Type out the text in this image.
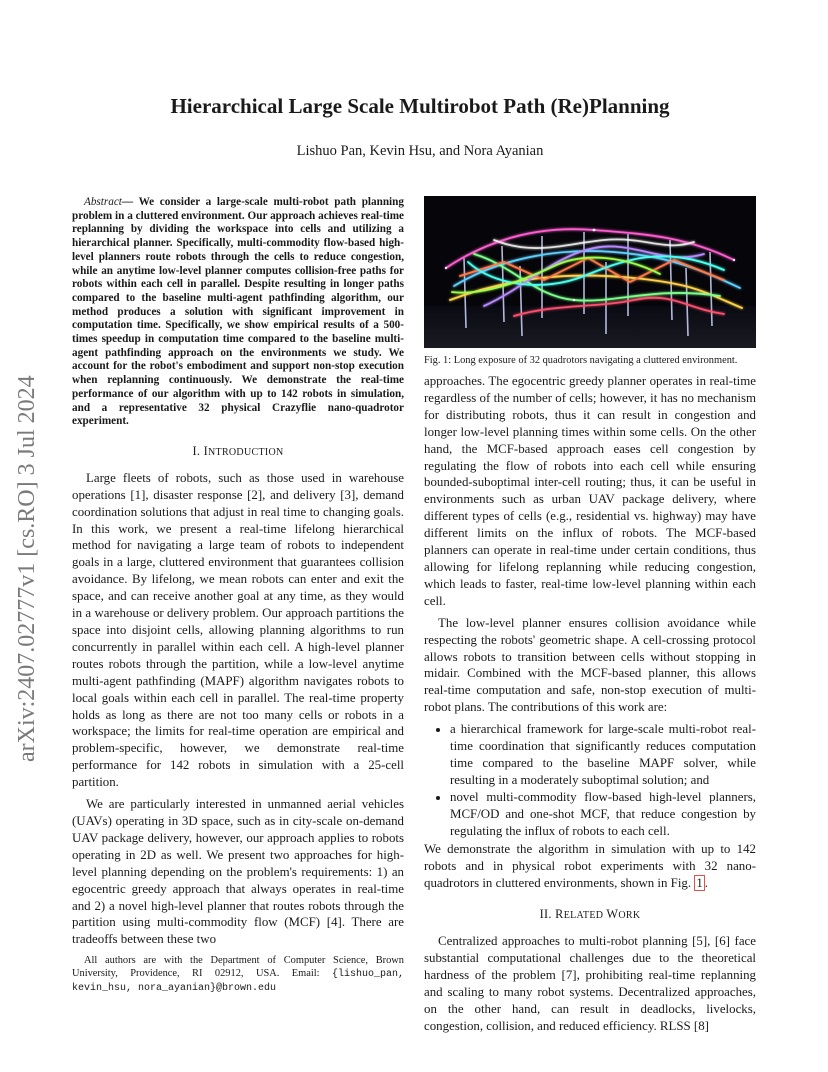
arXiv:2407.02777v1 [cs.RO] 3 Jul 2024
Hierarchical Large Scale Multirobot Path (Re)Planning
Lishuo Pan, Kevin Hsu, and Nora Ayanian

Abstract— We consider a large-scale multi-robot path planning problem in a cluttered environment. Our approach achieves real-time replanning by dividing the workspace into cells and utilizing a hierarchical planner. Specifically, multi-commodity flow-based high-level planners route robots through the cells to reduce congestion, while an anytime low-level planner computes collision-free paths for robots within each cell in parallel. Despite resulting in longer paths compared to the baseline multi-agent pathfinding algorithm, our method produces a solution with significant improvement in computation time. Specifically, we show empirical results of a 500-times speedup in computation time compared to the baseline multi-agent pathfinding approach on the environments we study. We account for the robot's embodiment and support non-stop execution when replanning continuously. We demonstrate the real-time performance of our algorithm with up to 142 robots in simulation, and a representative 32 physical Crazyflie nano-quadrotor experiment.

I. INTRODUCTION

Large fleets of robots, such as those used in warehouse operations [1], disaster response [2], and delivery [3], demand coordination solutions that adjust in real time to changing goals. In this work, we present a real-time lifelong hierarchical method for navigating a large team of robots to independent goals in a large, cluttered environment that guarantees collision avoidance. By lifelong, we mean robots can enter and exit the space, and can receive another goal at any time, as they would in a warehouse or delivery problem. Our approach partitions the space into disjoint cells, allowing planning algorithms to run concurrently in parallel within each cell. A high-level planner routes robots through the partition, while a low-level anytime multi-agent pathfinding (MAPF) algorithm navigates robots to local goals within each cell in parallel. The real-time property holds as long as there are not too many cells or robots in a workspace; the limits for real-time operation are empirical and problem-specific, however, we demonstrate real-time performance for 142 robots in simulation with a 25-cell partition.

We are particularly interested in unmanned aerial vehicles (UAVs) operating in 3D space, such as in city-scale on-demand UAV package delivery, however, our approach applies to robots operating in 2D as well. We present two approaches for high-level planning depending on the problem's requirements: 1) an egocentric greedy approach that always operates in real-time and 2) a novel high-level planner that routes robots through the partition using multi-commodity flow (MCF) [4]. There are tradeoffs between these two

All authors are with the Department of Computer Science, Brown University, Providence, RI 02912, USA. Email: {lishuo_pan, kevin_hsu, nora_ayanian}@brown.edu

Fig. 1: Long exposure of 32 quadrotors navigating a cluttered environment.

approaches. The egocentric greedy planner operates in real-time regardless of the number of cells; however, it has no mechanism for distributing robots, thus it can result in congestion and longer low-level planning times within some cells. On the other hand, the MCF-based approach eases cell congestion by regulating the flow of robots into each cell while ensuring bounded-suboptimal inter-cell routing; thus, it can be useful in environments such as urban UAV package delivery, where different types of cells (e.g., residential vs. highway) may have different limits on the influx of robots. The MCF-based planners can operate in real-time under certain conditions, thus allowing for lifelong replanning while reducing congestion, which leads to faster, real-time low-level planning within each cell.

The low-level planner ensures collision avoidance while respecting the robots' geometric shape. A cell-crossing protocol allows robots to transition between cells without stopping in midair. Combined with the MCF-based planner, this allows real-time computation and safe, non-stop execution of multi-robot plans. The contributions of this work are:

• a hierarchical framework for large-scale multi-robot real-time coordination that significantly reduces computation time compared to the baseline MAPF solver, while resulting in a moderately suboptimal solution; and
• novel multi-commodity flow-based high-level planners, MCF/OD and one-shot MCF, that reduce congestion by regulating the influx of robots to each cell.

We demonstrate the algorithm in simulation with up to 142 robots and in physical robot experiments with 32 nano-quadrotors in cluttered environments, shown in Fig. 1 .

II. RELATED WORK

Centralized approaches to multi-robot planning [5], [6] face substantial computational challenges due to the theoretical hardness of the problem [7], prohibiting real-time replanning and scaling to many robot systems. Decentralized approaches, on the other hand, can result in deadlocks, livelocks, congestion, collision, and reduced efficiency. RLSS [8]
